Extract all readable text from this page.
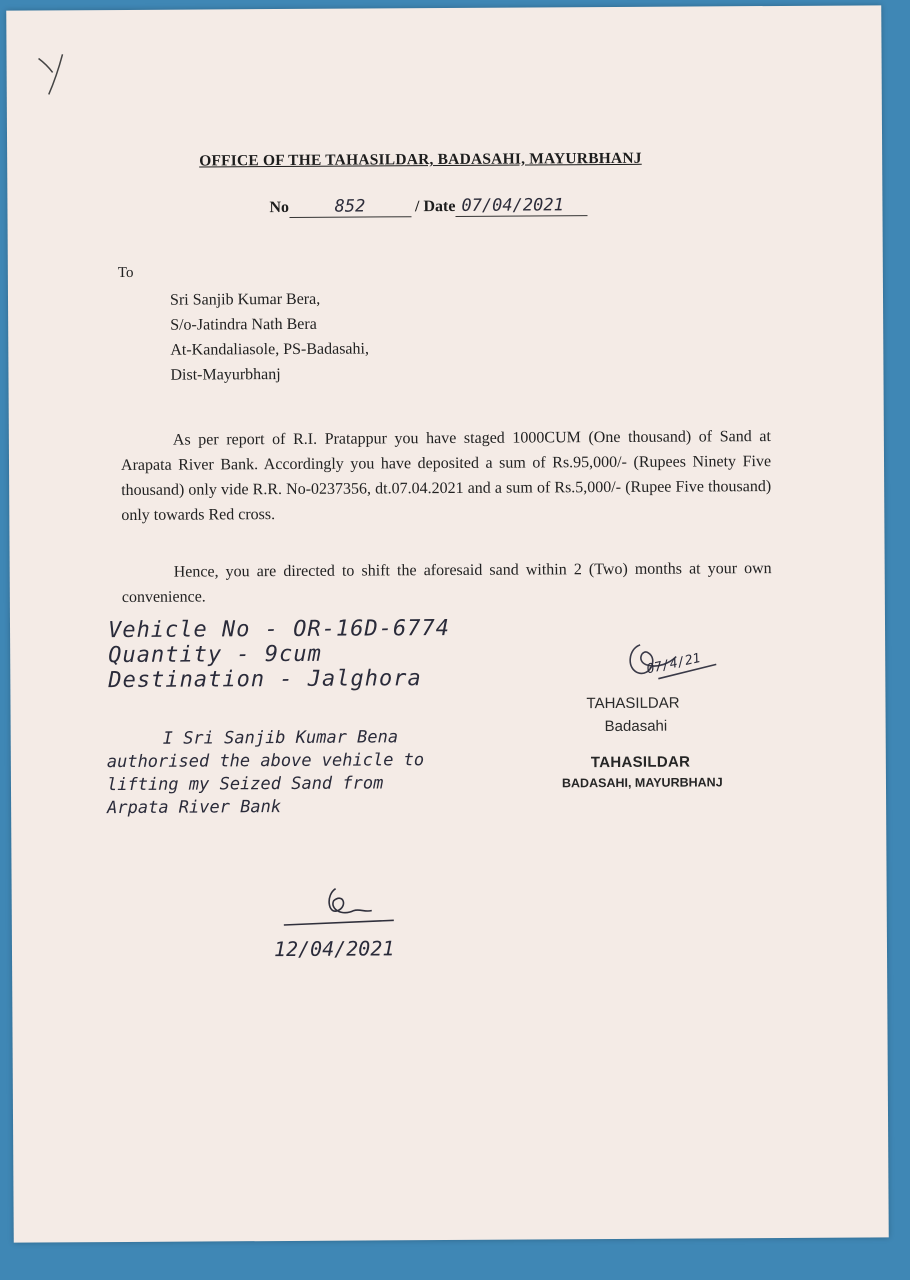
OFFICE OF THE TAHASILDAR, BADASAHI, MAYURBHANJ
No	852	/ Date 07/04/2021
To
Sri Sanjib Kumar Bera,
S/o-Jatindra Nath Bera
At-Kandaliasole, PS-Badasahi,
Dist-Mayurbhanj
As per report of R.I. Pratappur you have staged 1000CUM (One thousand) of Sand at Arapata River Bank. Accordingly you have deposited a sum of Rs.95,000/- (Rupees Ninety Five thousand) only vide R.R. No-0237356, dt.07.04.2021 and a sum of Rs.5,000/- (Rupee Five thousand) only towards Red cross.
Hence, you are directed to shift the aforesaid sand within 2 (Two) months at your own convenience.
Vehicle No - OR-16D-6774
Quantity - 9cum
Destination - Jalghora
07/4/21
TAHASILDAR
Badasahi
TAHASILDAR
BADASAHI, MAYURBHANJ
I Sri Sanjib Kumar Bena
authorised the above vehicle to
lifting my Seized Sand from
Arpata River Bank
12/04/2021
